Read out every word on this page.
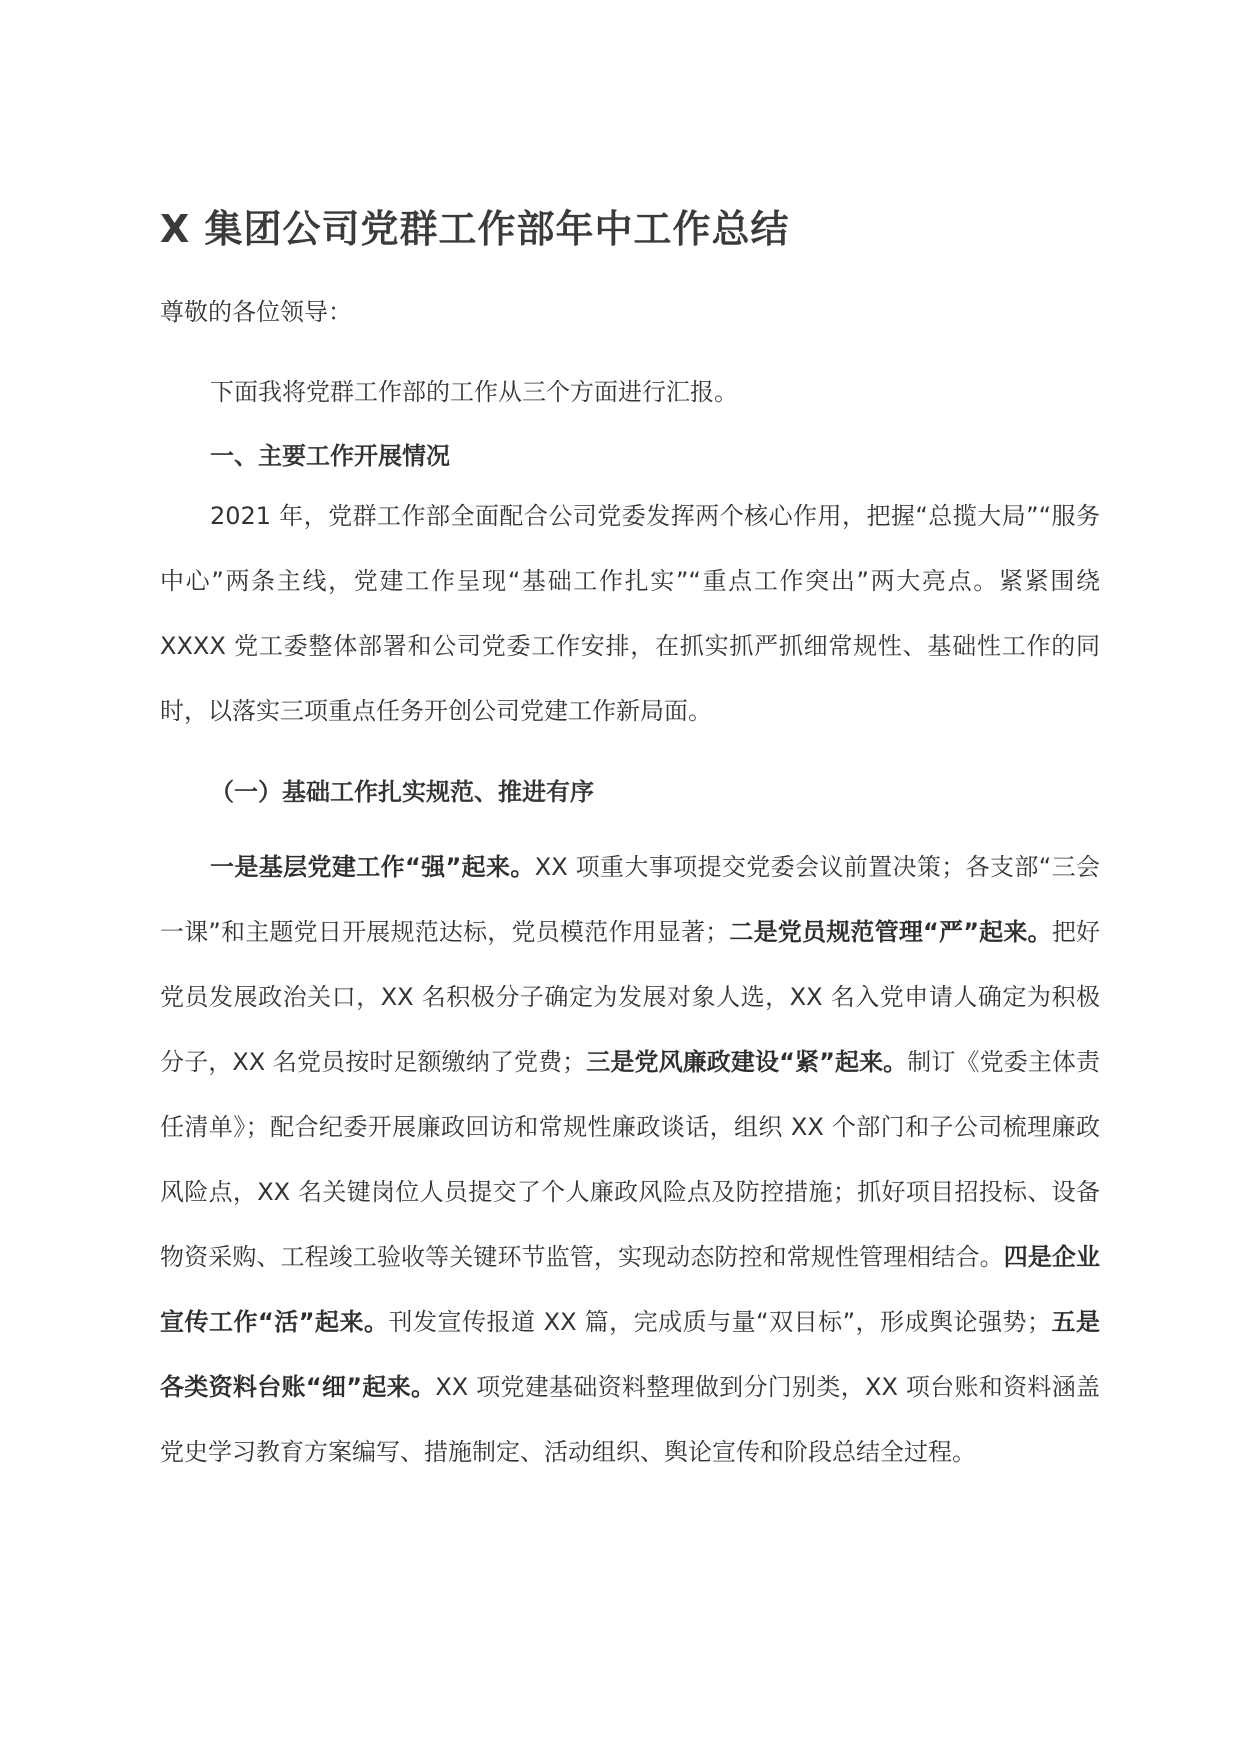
X 集团公司党群工作部年中工作总结
尊敬的各位领导：
下面我将党群工作部的工作从三个方面进行汇报。
一、主要工作开展情况

2021 年，党群工作部全面配合公司党委发挥两个核心作用，把握“总揽大局”“服务中心”两条主线，党建工作呈现“基础工作扎实”“重点工作突出”两大亮点。紧紧围绕 XXXX 党工委整体部署和公司党委工作安排，在抓实抓严抓细常规性、基础性工作的同时，以落实三项重点任务开创公司党建工作新局面。

（一）基础工作扎实规范、推进有序

一是基层党建工作“强”起来。XX 项重大事项提交党委会议前置决策；各支部“三会一课”和主题党日开展规范达标，党员模范作用显著；二是党员规范管理“严”起来。把好党员发展政治关口，XX 名积极分子确定为发展对象人选，XX 名入党申请人确定为积极分子，XX 名党员按时足额缴纳了党费；三是党风廉政建设“紧”起来。制订《党委主体责任清单》；配合纪委开展廉政回访和常规性廉政谈话，组织 XX 个部门和子公司梳理廉政风险点，XX 名关键岗位人员提交了个人廉政风险点及防控措施；抓好项目招投标、设备物资采购、工程竣工验收等关键环节监管，实现动态防控和常规性管理相结合。四是企业宣传工作“活”起来。刊发宣传报道 XX 篇，完成质与量“双目标”，形成舆论强势；五是各类资料台账“细”起来。XX 项党建基础资料整理做到分门别类，XX 项台账和资料涵盖党史学习教育方案编写、措施制定、活动组织、舆论宣传和阶段总结全过程。
